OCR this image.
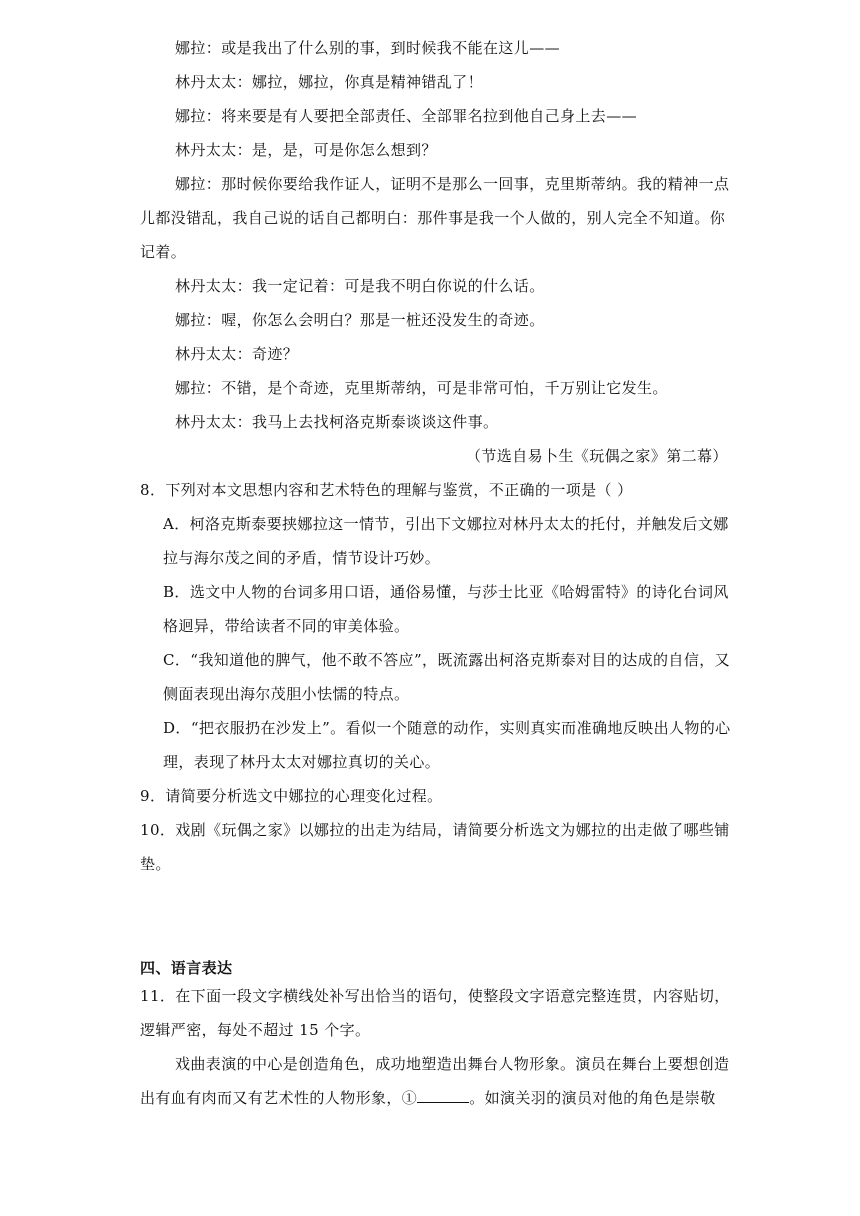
娜拉：或是我出了什么别的事，到时候我不能在这儿——
林丹太太：娜拉，娜拉，你真是精神错乱了！
娜拉：将来要是有人要把全部责任、全部罪名拉到他自己身上去——
林丹太太：是，是，可是你怎么想到？
娜拉：那时候你要给我作证人，证明不是那么一回事，克里斯蒂纳。我的精神一点
儿都没错乱，我自己说的话自己都明白：那件事是我一个人做的，别人完全不知道。你
记着。
林丹太太：我一定记着：可是我不明白你说的什么话。
娜拉：喔，你怎么会明白？那是一桩还没发生的奇迹。
林丹太太：奇迹？
娜拉：不错，是个奇迹，克里斯蒂纳，可是非常可怕，千万别让它发生。
林丹太太：我马上去找柯洛克斯泰谈谈这件事。
（节选自易卜生《玩偶之家》第二幕）
8．下列对本文思想内容和艺术特色的理解与鉴赏，不正确的一项是（ ）
A．柯洛克斯泰要挟娜拉这一情节，引出下文娜拉对林丹太太的托付，并触发后文娜
拉与海尔茂之间的矛盾，情节设计巧妙。
B．选文中人物的台词多用口语，通俗易懂，与莎士比亚《哈姆雷特》的诗化台词风
格迥异，带给读者不同的审美体验。
C．“我知道他的脾气，他不敢不答应”，既流露出柯洛克斯泰对目的达成的自信，又
侧面表现出海尔茂胆小怯懦的特点。
D．“把衣服扔在沙发上”。看似一个随意的动作，实则真实而准确地反映出人物的心
理，表现了林丹太太对娜拉真切的关心。
9．请简要分析选文中娜拉的心理变化过程。
10．戏剧《玩偶之家》以娜拉的出走为结局，请简要分析选文为娜拉的出走做了哪些铺
垫。
四、语言表达
11．在下面一段文字横线处补写出恰当的语句，使整段文字语意完整连贯，内容贴切，
逻辑严密，每处不超过 15 个字。
戏曲表演的中心是创造角色，成功地塑造出舞台人物形象。演员在舞台上要想创造
出有血有肉而又有艺术性的人物形象，①	。如演关羽的演员对他的角色是崇敬
